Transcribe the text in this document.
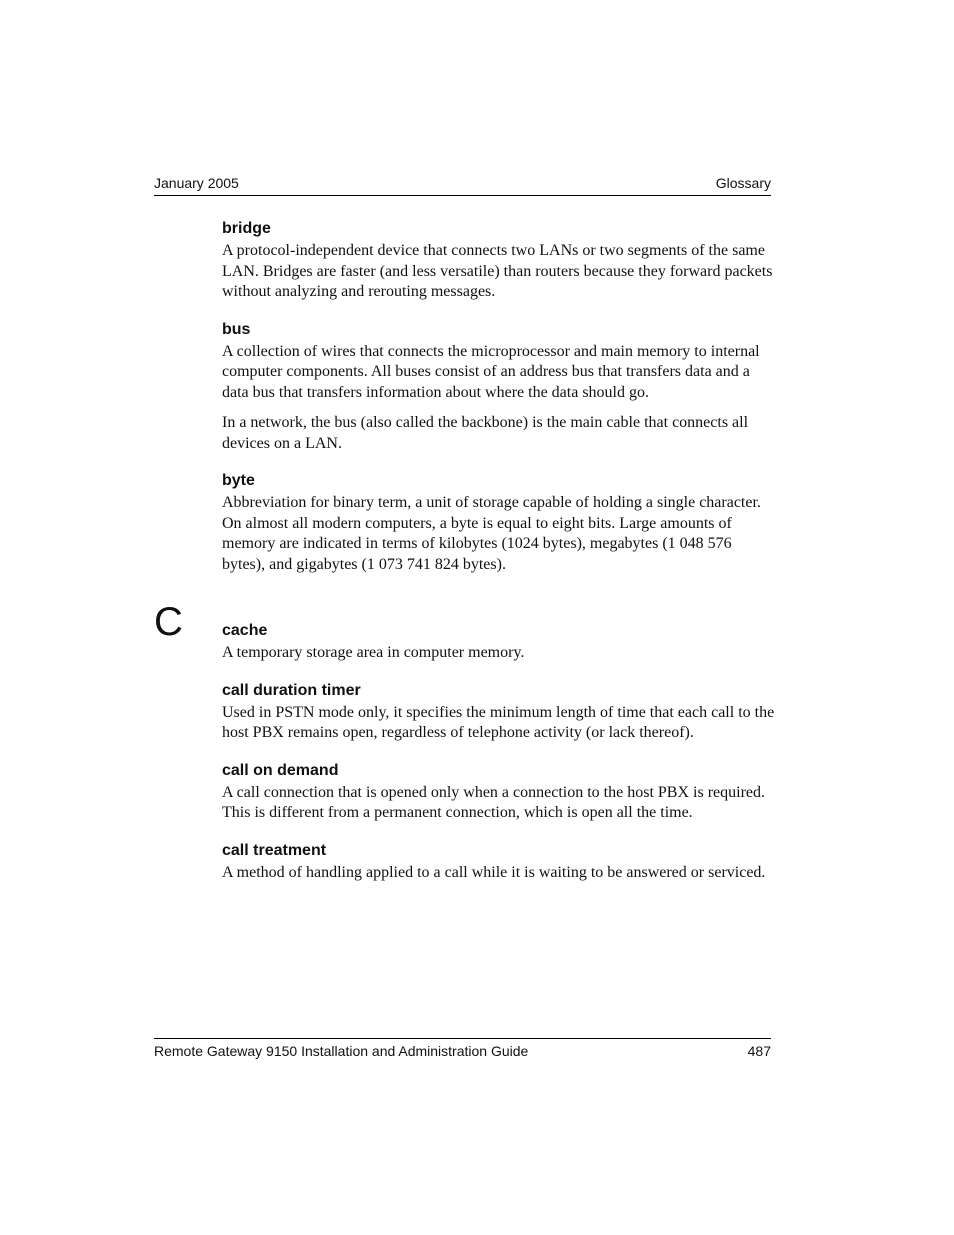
January 2005	Glossary
bridge

A protocol-independent device that connects two LANs or two segments of the same LAN. Bridges are faster (and less versatile) than routers because they forward packets without analyzing and rerouting messages.

bus

A collection of wires that connects the microprocessor and main memory to internal computer components. All buses consist of an address bus that transfers data and a data bus that transfers information about where the data should go.

In a network, the bus (also called the backbone) is the main cable that connects all devices on a LAN.

byte

Abbreviation for binary term, a unit of storage capable of holding a single character. On almost all modern computers, a byte is equal to eight bits. Large amounts of memory are indicated in terms of kilobytes (1024 bytes), megabytes (1 048 576 bytes), and gigabytes (1 073 741 824 bytes).

C cache

A temporary storage area in computer memory.

call duration timer

Used in PSTN mode only, it specifies the minimum length of time that each call to the host PBX remains open, regardless of telephone activity (or lack thereof).

call on demand

A call connection that is opened only when a connection to the host PBX is required. This is different from a permanent connection, which is open all the time.

call treatment

A method of handling applied to a call while it is waiting to be answered or serviced.

Remote Gateway 9150 Installation and Administration Guide	487
